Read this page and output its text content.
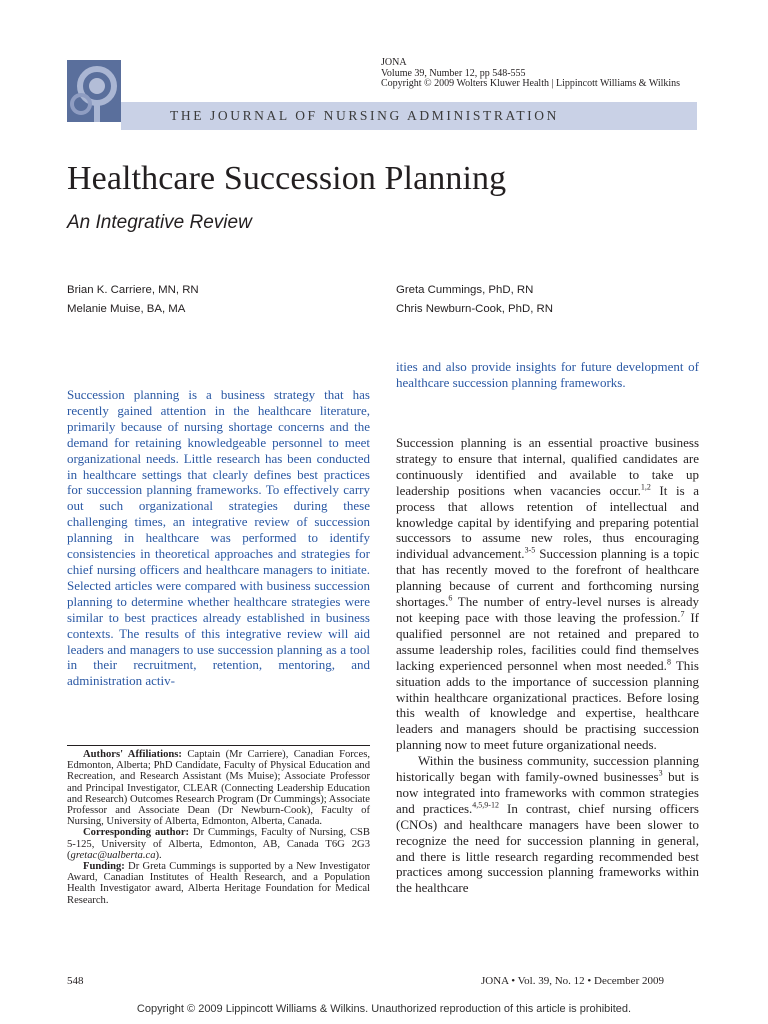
THE JOURNAL OF NURSING ADMINISTRATION
JONA
Volume 39, Number 12, pp 548-555
Copyright © 2009 Wolters Kluwer Health | Lippincott Williams & Wilkins
Healthcare Succession Planning
An Integrative Review
Brian K. Carriere, MN, RN
Melanie Muise, BA, MA
Greta Cummings, PhD, RN
Chris Newburn-Cook, PhD, RN
Succession planning is a business strategy that has recently gained attention in the healthcare literature, primarily because of nursing shortage concerns and the demand for retaining knowledgeable personnel to meet organizational needs. Little research has been conducted in healthcare settings that clearly defines best practices for succession planning frameworks. To effectively carry out such organizational strategies during these challenging times, an integrative review of succession planning in healthcare was performed to identify consistencies in theoretical approaches and strategies for chief nursing officers and healthcare managers to initiate. Selected articles were compared with business succession planning to determine whether healthcare strategies were similar to best practices already established in business contexts. The results of this integrative review will aid leaders and managers to use succession planning as a tool in their recruitment, retention, mentoring, and administration activ-
ities and also provide insights for future development of healthcare succession planning frameworks.

Succession planning is an essential proactive business strategy to ensure that internal, qualified candidates are continuously identified and available to take up leadership positions when vacancies occur.$^{1,2}$ It is a process that allows retention of intellectual and knowledge capital by identifying and preparing potential successors to assume new roles, thus encouraging individual advancement.$^{3-5}$ Succession planning is a topic that has recently moved to the forefront of healthcare planning because of current and forthcoming nursing shortages.$^6$ The number of entry-level nurses is already not keeping pace with those leaving the profession.$^7$ If qualified personnel are not retained and prepared to assume leadership roles, facilities could find themselves lacking experienced personnel when most needed.$^8$ This situation adds to the importance of succession planning within healthcare organizational practices. Before losing this wealth of knowledge and expertise, healthcare leaders and managers should be practising succession planning now to meet future organizational needs.

Within the business community, succession planning historically began with family-owned businesses$^3$ but is now integrated into frameworks with common strategies and practices.$^{4,5,9-12}$ In contrast, chief nursing officers (CNOs) and healthcare managers have been slower to recognize the need for succession planning in general, and there is little research regarding recommended best practices among succession planning frameworks within the healthcare

Authors' Affiliations: Captain (Mr Carriere), Canadian Forces, Edmonton, Alberta; PhD Candidate, Faculty of Physical Education and Recreation, and Research Assistant (Ms Muise); Associate Professor and Principal Investigator, CLEAR (Connecting Leadership Education and Research) Outcomes Research Program (Dr Cummings); Associate Professor and Associate Dean (Dr Newburn-Cook), Faculty of Nursing, University of Alberta, Edmonton, Alberta, Canada.

Corresponding author: Dr Cummings, Faculty of Nursing, CSB 5-125, University of Alberta, Edmonton, AB, Canada T6G 2G3 (gretac@ualberta.ca).

Funding: Dr Greta Cummings is supported by a New Investigator Award, Canadian Institutes of Health Research, and a Population Health Investigator award, Alberta Heritage Foundation for Medical Research.

548	JONA • Vol. 39, No. 12 • December 2009
Copyright © 2009 Lippincott Williams & Wilkins. Unauthorized reproduction of this article is prohibited.
